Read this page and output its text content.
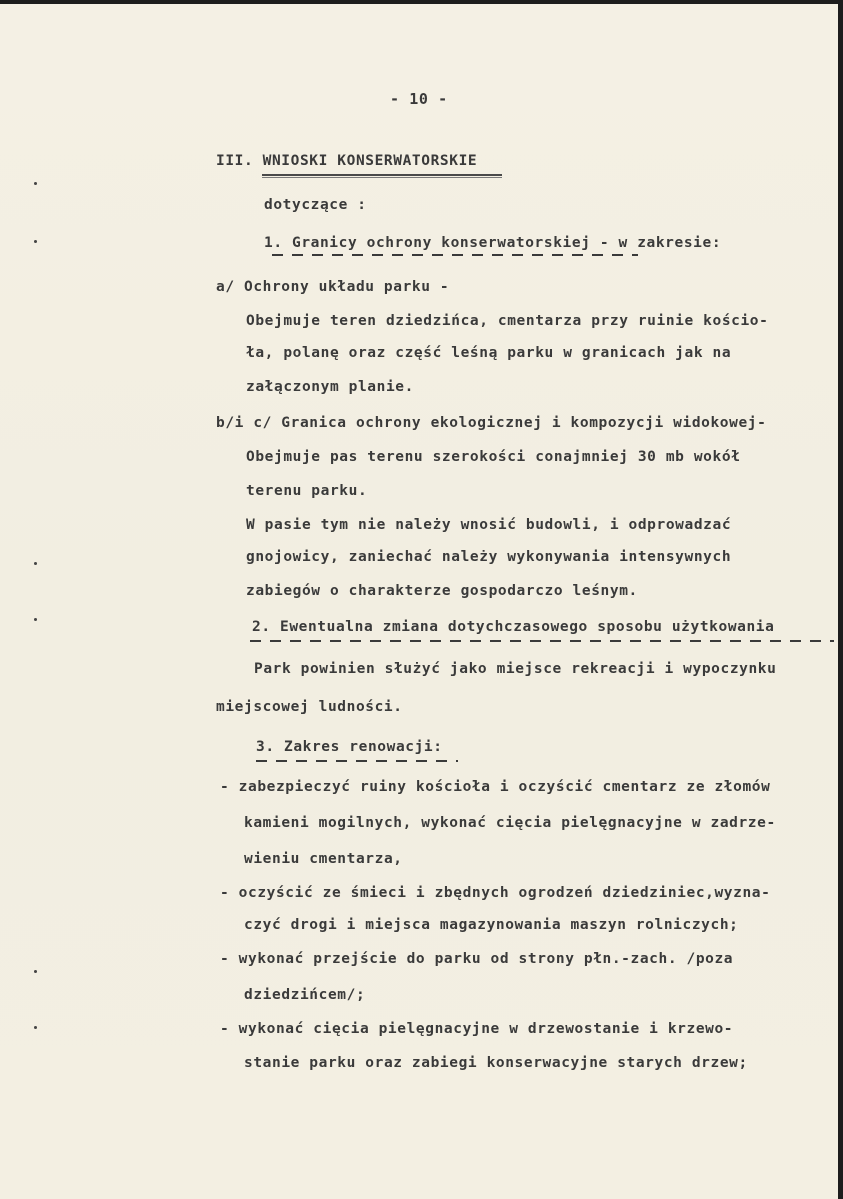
- 10 -
III. WNIOSKI KONSERWATORSKIE
dotyczące :
1. Granicy ochrony konserwatorskiej - w zakresie:
a/ Ochrony układu parku -
Obejmuje teren dziedzińca, cmentarza przy ruinie kościo-
ła, polanę oraz część leśną parku w granicach jak na
załączonym planie.
b/i c/ Granica ochrony ekologicznej i kompozycji widokowej-
Obejmuje pas terenu szerokości conajmniej 30 mb wokół
terenu parku.
W pasie tym nie należy wnosić budowli, i odprowadzać
gnojowicy, zaniechać należy wykonywania intensywnych
zabiegów o charakterze gospodarczo leśnym.
2. Ewentualna zmiana dotychczasowego sposobu użytkowania
Park powinien służyć jako miejsce rekreacji i wypoczynku
miejscowej ludności.
3. Zakres renowacji:
- zabezpieczyć ruiny kościoła i oczyścić cmentarz ze złomów
kamieni mogilnych, wykonać cięcia pielęgnacyjne w zadrze-
wieniu cmentarza,
- oczyścić ze śmieci i zbędnych ogrodzeń dziedziniec,wyzna-
czyć drogi i miejsca magazynowania maszyn rolniczych;
- wykonać przejście do parku od strony płn.-zach. /poza
dziedzińcem/;
- wykonać cięcia pielęgnacyjne w drzewostanie i krzewo-
stanie parku oraz zabiegi konserwacyjne starych drzew;
